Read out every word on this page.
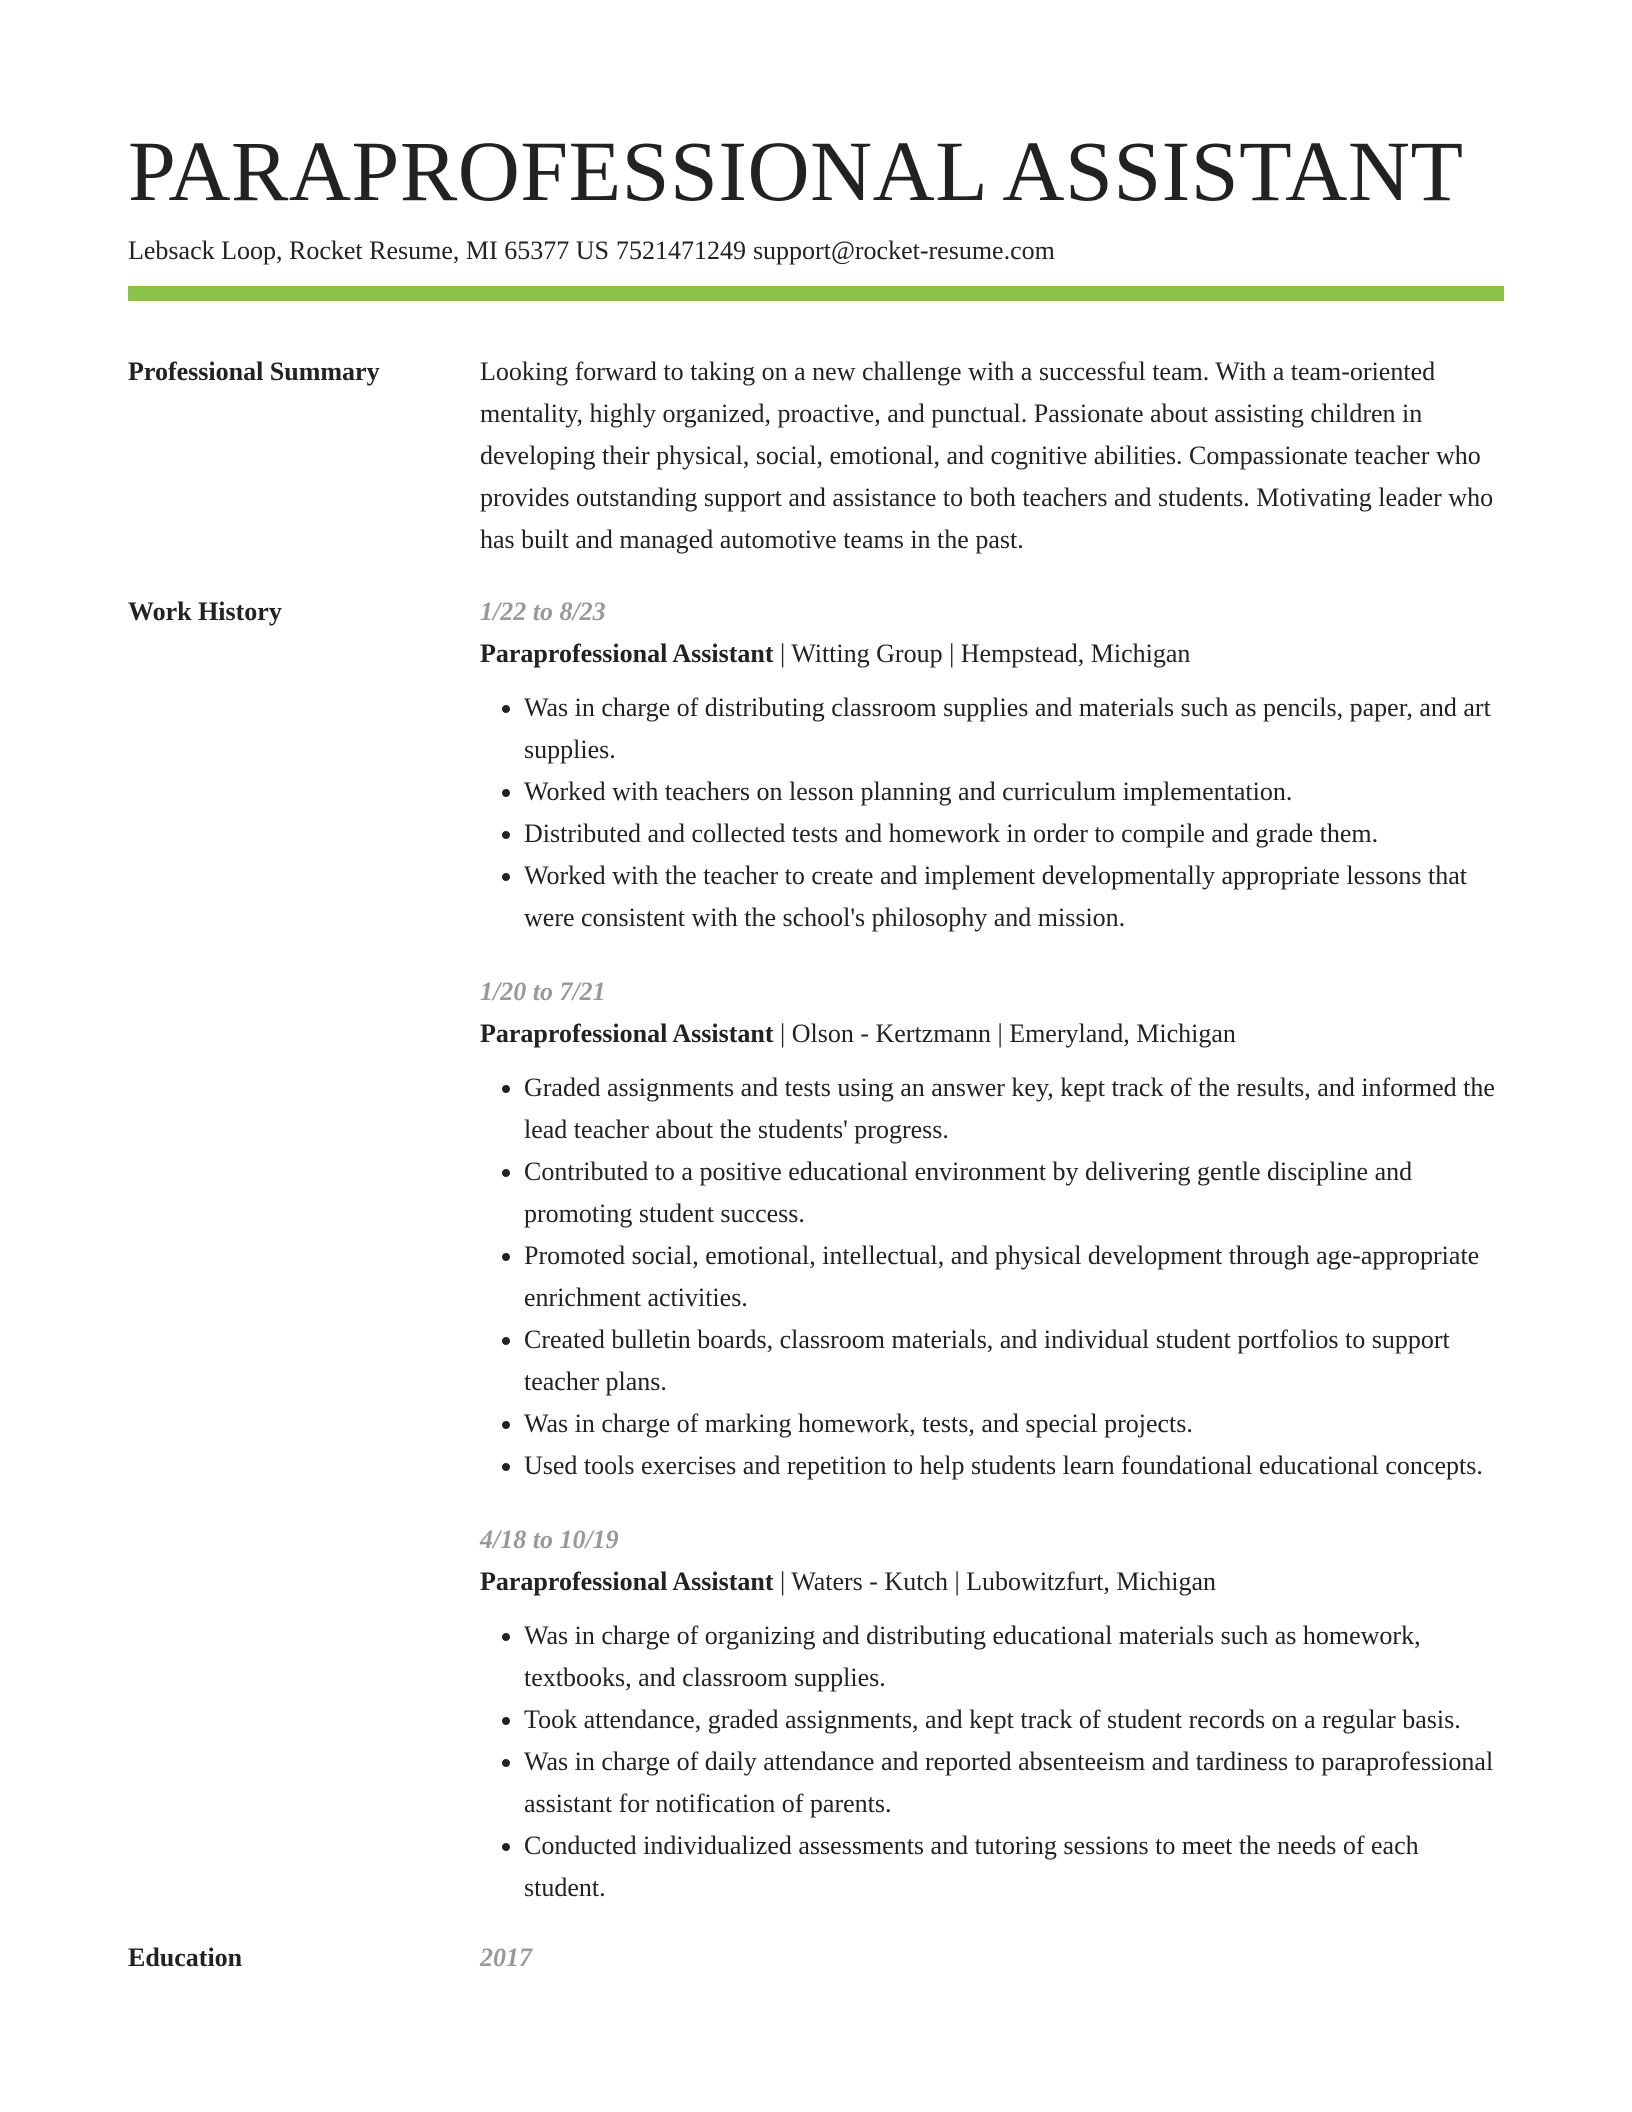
PARAPROFESSIONAL ASSISTANT
Lebsack Loop, Rocket Resume, MI 65377 US 7521471249 support@rocket-resume.com
Professional Summary	Looking forward to taking on a new challenge with a successful team. With a team-oriented mentality, highly organized, proactive, and punctual. Passionate about assisting children in developing their physical, social, emotional, and cognitive abilities. Compassionate teacher who provides outstanding support and assistance to both teachers and students. Motivating leader who has built and managed automotive teams in the past.
Work History	1/22 to 8/23
Paraprofessional Assistant | Witting Group | Hempstead, Michigan
• Was in charge of distributing classroom supplies and materials such as pencils, paper, and art supplies.
• Worked with teachers on lesson planning and curriculum implementation.
• Distributed and collected tests and homework in order to compile and grade them.
• Worked with the teacher to create and implement developmentally appropriate lessons that were consistent with the school's philosophy and mission.
1/20 to 7/21
Paraprofessional Assistant | Olson - Kertzmann | Emeryland, Michigan
• Graded assignments and tests using an answer key, kept track of the results, and informed the lead teacher about the students' progress.
• Contributed to a positive educational environment by delivering gentle discipline and promoting student success.
• Promoted social, emotional, intellectual, and physical development through age-appropriate enrichment activities.
• Created bulletin boards, classroom materials, and individual student portfolios to support teacher plans.
• Was in charge of marking homework, tests, and special projects.
• Used tools exercises and repetition to help students learn foundational educational concepts.
4/18 to 10/19
Paraprofessional Assistant | Waters - Kutch | Lubowitzfurt, Michigan
• Was in charge of organizing and distributing educational materials such as homework, textbooks, and classroom supplies.
• Took attendance, graded assignments, and kept track of student records on a regular basis.
• Was in charge of daily attendance and reported absenteeism and tardiness to paraprofessional assistant for notification of parents.
• Conducted individualized assessments and tutoring sessions to meet the needs of each student.
Education	2017
